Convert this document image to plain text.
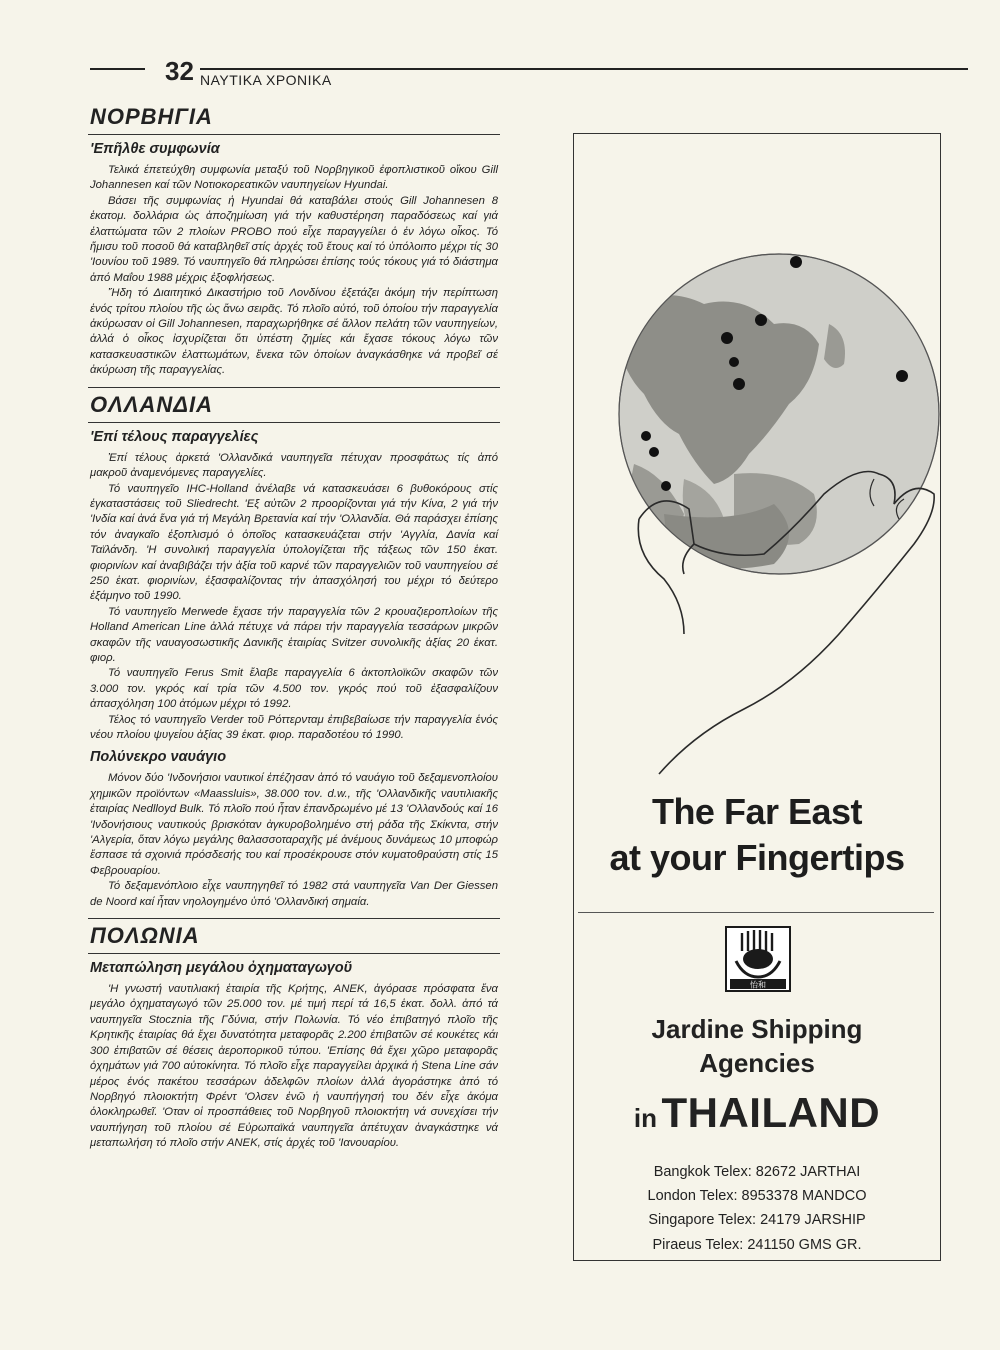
32 ΝΑΥΤΙΚΑ ΧΡΟΝΙΚΑ
ΝΟΡΒΗΓΙΑ
'Επῆλθε συμφωνία

Τελικά έπετεύχθη συμφωνία μεταξύ τοῦ Νορβηγικοῦ ἐφοπλιστικοῦ οἴκου Gill Johannesen καί τῶν Νοτιοκορεατικῶν ναυπηγείων Hyundai.

Βάσει τῆς συμφωνίας ἡ Hyundai θά καταβάλει στούς Gill Johannesen 8 ἑκατομ. δολλάρια ὡς ἀποζημίωση γιά τήν καθυστέρηση παραδόσεως καί γιά ἐλαττώματα τῶν 2 πλοίων PROBO πού εἶχε παραγγείλει ὁ ἐν λόγω οἶκος. Τό ἥμισυ τοῦ ποσοῦ θά καταβληθεῖ στίς ἀρχές τοῦ ἔτους καί τό ὑπόλοιπο μέχρι τίς 30 'Ιουνίου τοῦ 1989. Τό ναυπηγεῖο θά πληρώσει ἐπίσης τούς τόκους γιά τό διάστημα ἀπό Μαΐου 1988 μέχρις ἐξοφλήσεως.

Ἤδη τό Διαιτητικό Δικαστήριο τοῦ Λονδίνου ἐξετάζει ἀκόμη τήν περίπτωση ἑνός τρίτου πλοίου τῆς ὡς ἄνω σειρᾶς. Τό πλοῖο αὐτό, τοῦ ὁποίου τήν παραγγελία ἀκύρωσαν οἱ Gill Johannesen, παραχωρήθηκε σέ ἄλλον πελάτη τῶν ναυπηγείων, ἀλλά ὁ οἶκος ἰσχυρίζεται ὅτι ὑπέστη ζημίες κάι ἔχασε τόκους λόγω τῶν κατασκευαστικῶν ἐλαττωμάτων, ἕνεκα τῶν ὁποίων ἀναγκάσθηκε νά προβεῖ σέ ἀκύρωση τῆς παραγγελίας.

ΟΛΛΑΝΔΙΑ
'Επί τέλους παραγγελίες

Ἐπί τέλους ἀρκετά 'Ολλανδικά ναυπηγεῖα πέτυχαν προσφάτως τίς ἀπό μακροῦ ἀναμενόμενες παραγγελίες.

Τό ναυπηγεῖο IHC-Holland ἀνέλαβε νά κατασκευάσει 6 βυθοκόρους στίς ἐγκαταστάσεις τοῦ Sliedrecht. 'Εξ αὐτῶν 2 προορίζονται γιά τήν Κίνα, 2 γιά τήν 'Ινδία καί ἀνά ἕνα γιά τή Μεγάλη Βρετανία καί τήν 'Ολλανδία. Θά παράσχει ἐπίσης τόν ἀναγκαῖο ἐξοπλισμό ὁ ὁποῖος κατασκευάζεται στήν 'Αγγλία, Δανία καί Ταϊλάνδη. 'Η συνολική παραγγελία ὑπολογίζεται τῆς τάξεως τῶν 150 ἑκατ. φιορινίων καί ἀναβιβάζει τήν ἀξία τοῦ καρνέ τῶν παραγγελιῶν τοῦ ναυπηγείου σέ 250 ἑκατ. φιορινίων, ἐξασφαλίζοντας τήν ἀπασχόλησή του μέχρι τό δεύτερο ἑξάμηνο τοῦ 1990.

Τό ναυπηγεῖο Merwede ἔχασε τήν παραγγελία τῶν 2 κρουαζιεροπλοίων τῆς Holland American Line ἀλλά πέτυχε νά πάρει τήν παραγγελία τεσσάρων μικρῶν σκαφῶν τῆς ναυαγοσωστικῆς Δανικῆς ἑταιρίας Svitzer συνολικῆς ἀξίας 20 ἑκατ. φιορ.

Τό ναυπηγεῖο Ferus Smit ἔλαβε παραγγελία 6 ἀκτοπλοϊκῶν σκαφῶν τῶν 3.000 τον. γκρός καί τρία τῶν 4.500 τον. γκρός πού τοῦ ἐξασφαλίζουν ἀπασχόληση 100 ἀτόμων μέχρι τό 1992.

Τέλος τό ναυπηγεῖο Verder τοῦ Ρόττερνταμ ἐπιβεβαίωσε τήν παραγγελία ἑνός νέου πλοίου ψυγείου ἀξίας 39 ἑκατ. φιορ. παραδοτέου τό 1990.

Πολύνεκρο ναυάγιο

Μόνον δύο 'Ινδονήσιοι ναυτικοί ἐπέζησαν ἀπό τό ναυάγιο τοῦ δεξαμενοπλοίου χημικῶν προϊόντων «Maassluis», 38.000 τον. d.w., τῆς 'Ολλανδικῆς ναυτιλιακῆς ἑταιρίας Nedlloyd Bulk. Τό πλοῖο πού ἦταν ἐπανδρωμένο μέ 13 'Ολλανδούς καί 16 'Ινδονήσιους ναυτικούς βρισκόταν ἀγκυροβολημένο στή ράδα τῆς Σκίκντα, στήν 'Αλγερία, ὅταν λόγω μεγάλης θαλασσοταραχῆς μέ ἀνέμους δυνάμεως 10 μποφώρ ἔσπασε τά σχοινιά πρόσδεσής του καί προσέκρουσε στόν κυματοθραύστη στίς 15 Φεβρουαρίου.

Τό δεξαμενόπλοιο εἶχε ναυπηγηθεῖ τό 1982 στά ναυπηγεῖα Van Der Giessen de Noord καί ἦταν νηολογημένο ὑπό 'Ολλανδική σημαία.

ΠΟΛΩΝΙΑ
Μεταπώληση μεγάλου ὀχηματαγωγοῦ

'Η γνωστή ναυτιλιακή ἑταιρία τῆς Κρήτης, ANEK, ἀγόρασε πρόσφατα ἕνα μεγάλο ὀχηματαγωγό τῶν 25.000 τον. μέ τιμή περί τά 16,5 ἑκατ. δολλ. ἀπό τά ναυπηγεῖα Stocznia τῆς Γδύνια, στήν Πολωνία. Τό νέο ἐπιβατηγό πλοῖο τῆς Κρητικῆς ἑταιρίας θά ἔχει δυνατότητα μεταφορᾶς 2.200 ἐπιβατῶν σέ κουκέτες κάι 300 ἐπιβατῶν σέ θέσεις ἀεροπορικοῦ τύπου. 'Επίσης θά ἔχει χῶρο μεταφορᾶς ὀχημάτων γιά 700 αὐτοκίνητα. Τό πλοῖο εἶχε παραγγείλει ἀρχικά ἡ Stena Line σάν μέρος ἑνός πακέτου τεσσάρων ἀδελφῶν πλοίων ἀλλά ἀγοράστηκε ἀπό τό Νορβηγό πλοιοκτήτη Φρέντ 'Ολσεν ἐνῶ ἡ ναυπήγησή του δέν εἶχε ἀκόμα ὁλοκληρωθεῖ. 'Οταν οἱ προσπάθειες τοῦ Νορβηγοῦ πλοιοκτήτη νά συνεχίσει τήν ναυπήγηση τοῦ πλοίου σέ Εὐρωπαϊκά ναυπηγεῖα ἀπέτυχαν ἀναγκάστηκε νά μεταπωλήση τό πλοῖο στήν ANEK, στίς ἀρχές τοῦ 'Ιανουαρίου.

The Far East
at your Fingertips
怡和
Jardine Shipping
Agencies
in THAILAND
Bangkok Telex: 82672 JARTHAI
London Telex: 8953378 MANDCO
Singapore Telex: 24179 JARSHIP
Piraeus Telex: 241150 GMS GR.
